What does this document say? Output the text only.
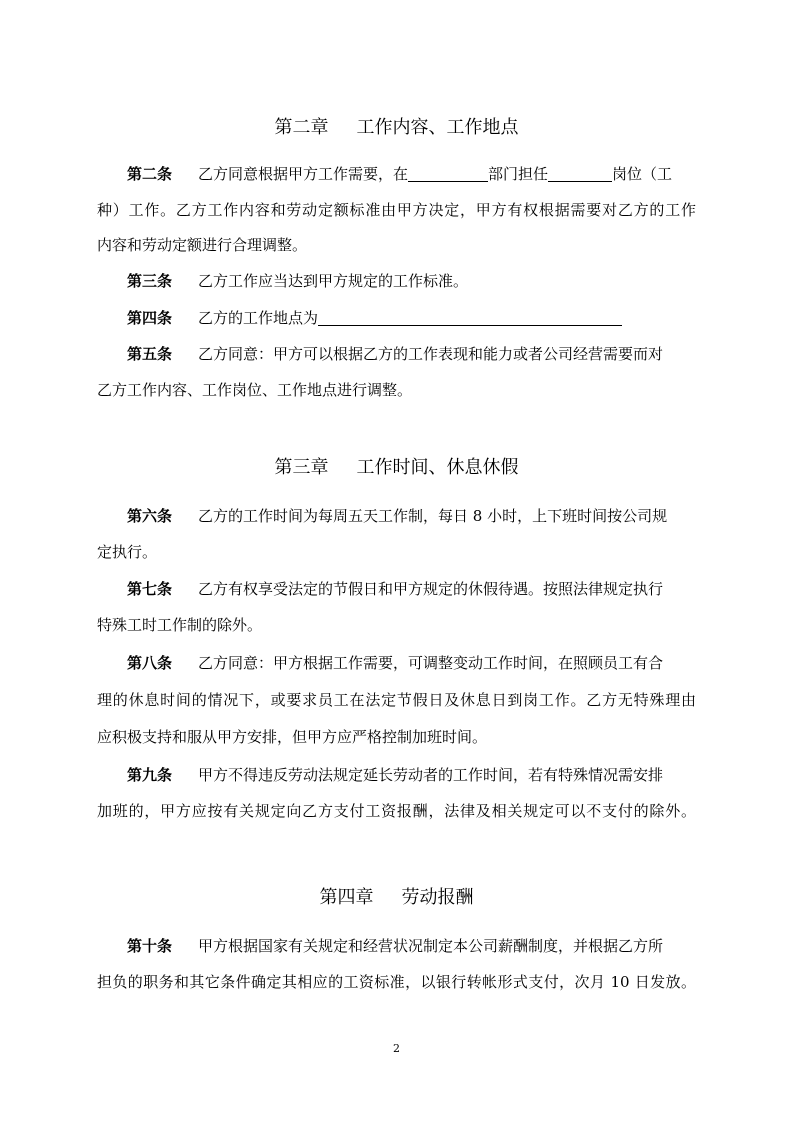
第二章 工作内容、工作地点
第二条 乙方同意根据甲方工作需要，在	部门担任	岗位（工
种）工作。乙方工作内容和劳动定额标准由甲方决定，甲方有权根据需要对乙方的工作
内容和劳动定额进行合理调整。
第三条 乙方工作应当达到甲方规定的工作标准。
第四条 乙方的工作地点为
第五条 乙方同意：甲方可以根据乙方的工作表现和能力或者公司经营需要而对
乙方工作内容、工作岗位、工作地点进行调整。
第三章 工作时间、休息休假
第六条 乙方的工作时间为每周五天工作制，每日 8 小时，上下班时间按公司规
定执行。
第七条 乙方有权享受法定的节假日和甲方规定的休假待遇。按照法律规定执行
特殊工时工作制的除外。
第八条 乙方同意：甲方根据工作需要，可调整变动工作时间，在照顾员工有合
理的休息时间的情况下，或要求员工在法定节假日及休息日到岗工作。乙方无特殊理由
应积极支持和服从甲方安排，但甲方应严格控制加班时间。
第九条 甲方不得违反劳动法规定延长劳动者的工作时间，若有特殊情况需安排
加班的，甲方应按有关规定向乙方支付工资报酬，法律及相关规定可以不支付的除外。
第四章 劳动报酬
第十条 甲方根据国家有关规定和经营状况制定本公司薪酬制度，并根据乙方所
担负的职务和其它条件确定其相应的工资标准，以银行转帐形式支付，次月 10 日发放。
2
